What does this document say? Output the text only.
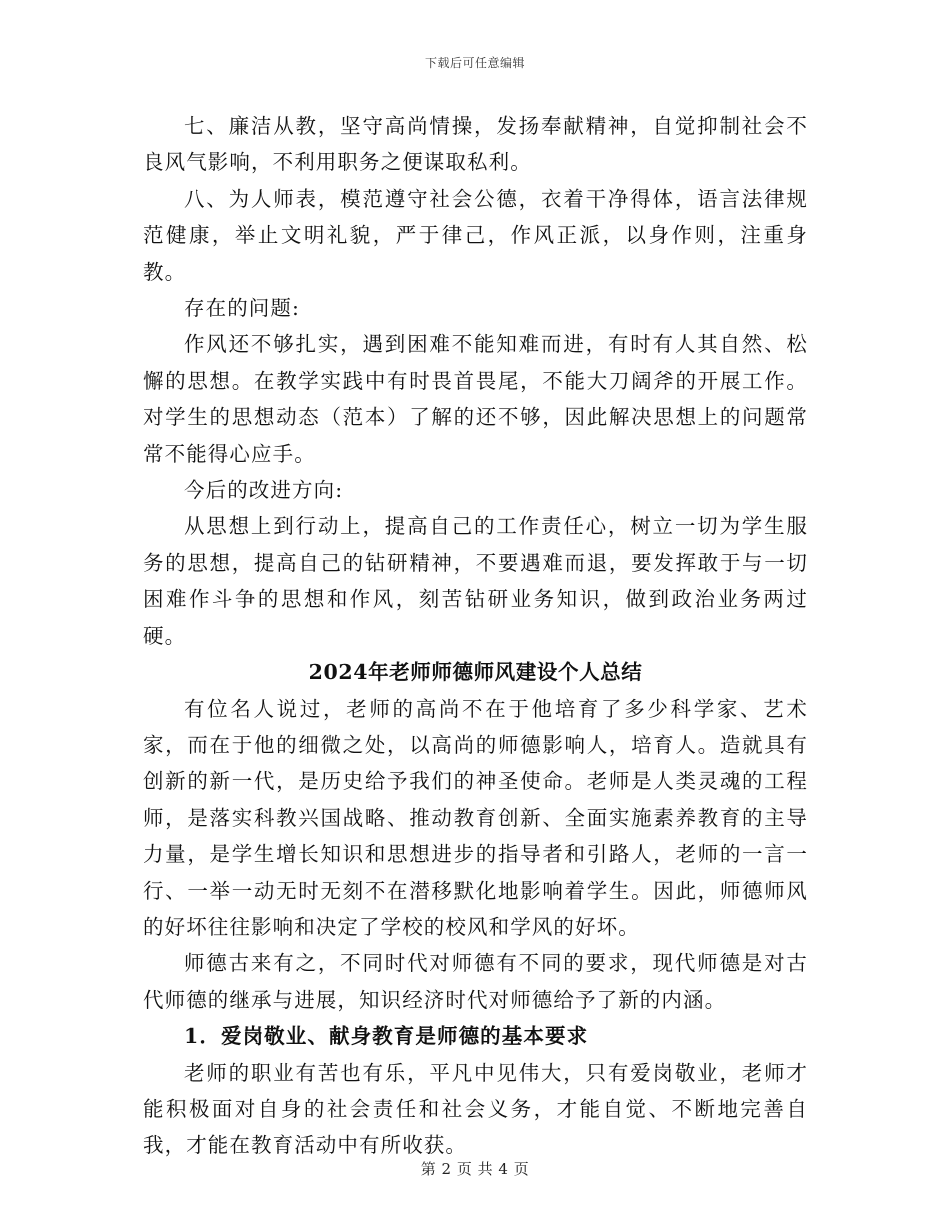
下载后可任意编辑

七、廉洁从教，坚守高尚情操，发扬奉献精神，自觉抑制社会不良风气影响，不利用职务之便谋取私利。

八、为人师表，模范遵守社会公德，衣着干净得体，语言法律规范健康，举止文明礼貌，严于律己，作风正派，以身作则，注重身教。

存在的问题:

作风还不够扎实，遇到困难不能知难而进，有时有人其自然、松懈的思想。在教学实践中有时畏首畏尾，不能大刀阔斧的开展工作。对学生的思想动态（范本）了解的还不够，因此解决思想上的问题常常不能得心应手。

今后的改进方向:

从思想上到行动上，提高自己的工作责任心，树立一切为学生服务的思想，提高自己的钻研精神，不要遇难而退，要发挥敢于与一切困难作斗争的思想和作风，刻苦钻研业务知识，做到政治业务两过硬。

2024年老师师德师风建设个人总结

有位名人说过，老师的高尚不在于他培育了多少科学家、艺术家，而在于他的细微之处，以高尚的师德影响人，培育人。造就具有创新的新一代，是历史给予我们的神圣使命。老师是人类灵魂的工程师，是落实科教兴国战略、推动教育创新、全面实施素养教育的主导力量，是学生增长知识和思想进步的指导者和引路人，老师的一言一行、一举一动无时无刻不在潜移默化地影响着学生。因此，师德师风的好坏往往影响和决定了学校的校风和学风的好坏。

师德古来有之，不同时代对师德有不同的要求，现代师德是对古代师德的继承与进展，知识经济时代对师德给予了新的内涵。

1．爱岗敬业、献身教育是师德的基本要求

老师的职业有苦也有乐，平凡中见伟大，只有爱岗敬业，老师才能积极面对自身的社会责任和社会义务，才能自觉、不断地完善自我，才能在教育活动中有所收获。

第 2 页 共 4 页
